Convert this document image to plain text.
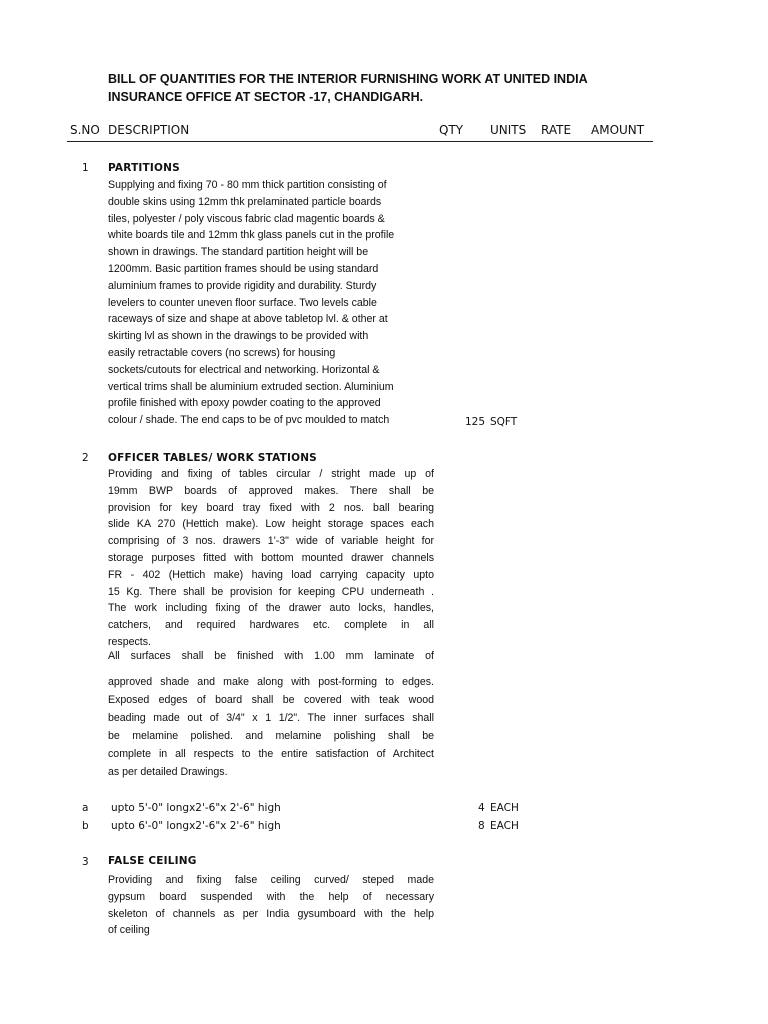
BILL OF QUANTITIES FOR THE INTERIOR FURNISHING WORK AT UNITED INDIA
INSURANCE OFFICE AT SECTOR -17, CHANDIGARH.
S.NO DESCRIPTION	QTY UNITS RATE AMOUNT
1 PARTITIONS
Supplying and fixing 70 - 80 mm thick partition consisting of
double skins using 12mm thk prelaminated particle boards
tiles, polyester / poly viscous fabric clad magentic boards &
white boards tile and 12mm thk glass panels cut in the profile
shown in drawings. The standard partition height will be
1200mm. Basic partition frames should be using standard
aluminium frames to provide rigidity and durability. Sturdy
levelers to counter uneven floor surface. Two levels cable
raceways of size and shape at above tabletop lvl. & other at
skirting lvl as shown in the drawings to be provided with
easily retractable covers (no screws) for housing
sockets/cutouts for electrical and networking. Horizontal &
vertical trims shall be aluminium extruded section. Aluminium
profile finished with epoxy powder coating to the approved
colour / shade. The end caps to be of pvc moulded to match	125 SQFT
2 OFFICER TABLES/ WORK STATIONS
Providing and fixing of tables circular / stright made up of
19mm BWP boards of approved makes. There shall be
provision for key board tray fixed with 2 nos. ball bearing
slide KA 270 (Hettich make). Low height storage spaces each
comprising of 3 nos. drawers 1'-3" wide of variable height for
storage purposes fitted with bottom mounted drawer channels
FR - 402 (Hettich make) having load carrying capacity upto
15 Kg. There shall be provision for keeping CPU underneath .
The work including fixing of the drawer auto locks, handles,
catchers, and required hardwares etc. complete in all
respects.
All surfaces shall be finished with 1.00 mm laminate of
approved shade and make along with post-forming to edges.
Exposed edges of board shall be covered with teak wood
beading made out of 3/4" x 1 1/2". The inner surfaces shall
be melamine polished. and melamine polishing shall be
complete in all respects to the entire satisfaction of Architect
as per detailed Drawings.
a upto 5'-0" longx2'-6"x 2'-6" high	4 EACH
b upto 6'-0" longx2'-6"x 2'-6" high	8 EACH
3 FALSE CEILING
Providing and fixing false ceiling curved/ steped made
gypsum board suspended with the help of necessary
skeleton of channels as per India gysumboard with the help
of ceiling
